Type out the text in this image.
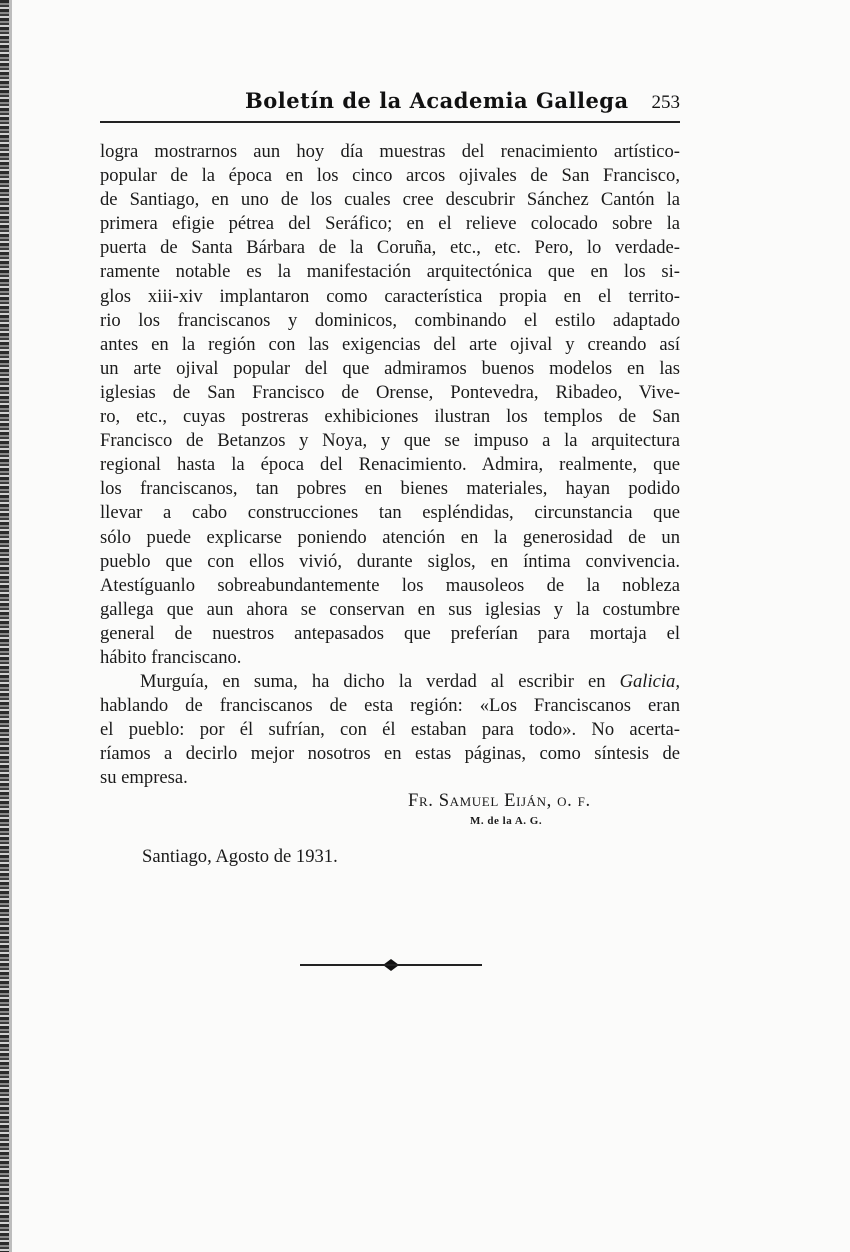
Boletín de la Academia Gallega 253
logra mostrarnos aun hoy día muestras del renacimiento artístico-
popular de la época en los cinco arcos ojivales de San Francisco,
de Santiago, en uno de los cuales cree descubrir Sánchez Cantón la
primera efigie pétrea del Seráfico; en el relieve colocado sobre la
puerta de Santa Bárbara de la Coruña, etc., etc. Pero, lo verdade-
ramente notable es la manifestación arquitectónica que en los si-
glos xiii-xiv implantaron como característica propia en el territo-
rio los franciscanos y dominicos, combinando el estilo adaptado
antes en la región con las exigencias del arte ojival y creando así
un arte ojival popular del que admiramos buenos modelos en las
iglesias de San Francisco de Orense, Pontevedra, Ribadeo, Vive-
ro, etc., cuyas postreras exhibiciones ilustran los templos de San
Francisco de Betanzos y Noya, y que se impuso a la arquitectura
regional hasta la época del Renacimiento. Admira, realmente, que
los franciscanos, tan pobres en bienes materiales, hayan podido
llevar a cabo construcciones tan espléndidas, circunstancia que
sólo puede explicarse poniendo atención en la generosidad de un
pueblo que con ellos vivió, durante siglos, en íntima convivencia.
Atestíguanlo sobreabundantemente los mausoleos de la nobleza
gallega que aun ahora se conservan en sus iglesias y la costumbre
general de nuestros antepasados que preferían para mortaja el
hábito franciscano.
Murguía, en suma, ha dicho la verdad al escribir en Galicia,
hablando de franciscanos de esta región: «Los Franciscanos eran
el pueblo: por él sufrían, con él estaban para todo». No acerta-
ríamos a decirlo mejor nosotros en estas páginas, como síntesis de
su empresa.
Fr. Samuel Eiján, o. f.
M. de la A. G.
Santiago, Agosto de 1931.
